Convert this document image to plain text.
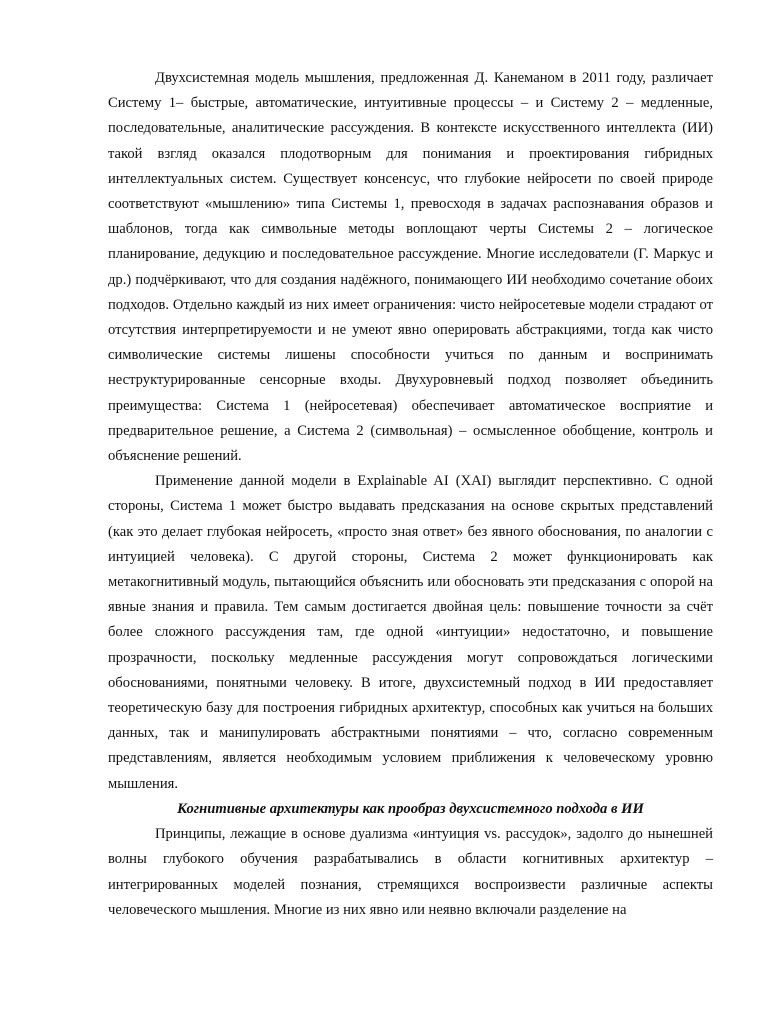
Двухсистемная модель мышления, предложенная Д. Канеманом в 2011 году, различает Систему 1– быстрые, автоматические, интуитивные процессы – и Систему 2 – медленные, последовательные, аналитические рассуждения. В контексте искусственного интеллекта (ИИ) такой взгляд оказался плодотворным для понимания и проектирования гибридных интеллектуальных систем. Существует консенсус, что глубокие нейросети по своей природе соответствуют «мышлению» типа Системы 1, превосходя в задачах распознавания образов и шаблонов, тогда как символьные методы воплощают черты Системы 2 – логическое планирование, дедукцию и последовательное рассуждение. Многие исследователи (Г. Маркус и др.) подчёркивают, что для создания надёжного, понимающего ИИ необходимо сочетание обоих подходов. Отдельно каждый из них имеет ограничения: чисто нейросетевые модели страдают от отсутствия интерпретируемости и не умеют явно оперировать абстракциями, тогда как чисто символические системы лишены способности учиться по данным и воспринимать неструктурированные сенсорные входы. Двухуровневый подход позволяет объединить преимущества: Система 1 (нейросетевая) обеспечивает автоматическое восприятие и предварительное решение, а Система 2 (символьная) – осмысленное обобщение, контроль и объяснение решений.

Применение данной модели в Explainable AI (XAI) выглядит перспективно. С одной стороны, Система 1 может быстро выдавать предсказания на основе скрытых представлений (как это делает глубокая нейросеть, «просто зная ответ» без явного обоснования, по аналогии с интуицией человека). С другой стороны, Система 2 может функционировать как метакогнитивный модуль, пытающийся объяснить или обосновать эти предсказания с опорой на явные знания и правила. Тем самым достигается двойная цель: повышение точности за счёт более сложного рассуждения там, где одной «интуиции» недостаточно, и повышение прозрачности, поскольку медленные рассуждения могут сопровождаться логическими обоснованиями, понятными человеку. В итоге, двухсистемный подход в ИИ предоставляет теоретическую базу для построения гибридных архитектур, способных как учиться на больших данных, так и манипулировать абстрактными понятиями – что, согласно современным представлениям, является необходимым условием приближения к человеческому уровню мышления.

Когнитивные архитектуры как прообраз двухсистемного подхода в ИИ

Принципы, лежащие в основе дуализма «интуиция vs. рассудок», задолго до нынешней волны глубокого обучения разрабатывались в области когнитивных архитектур – интегрированных моделей познания, стремящихся воспроизвести различные аспекты человеческого мышления. Многие из них явно или неявно включали разделение на
